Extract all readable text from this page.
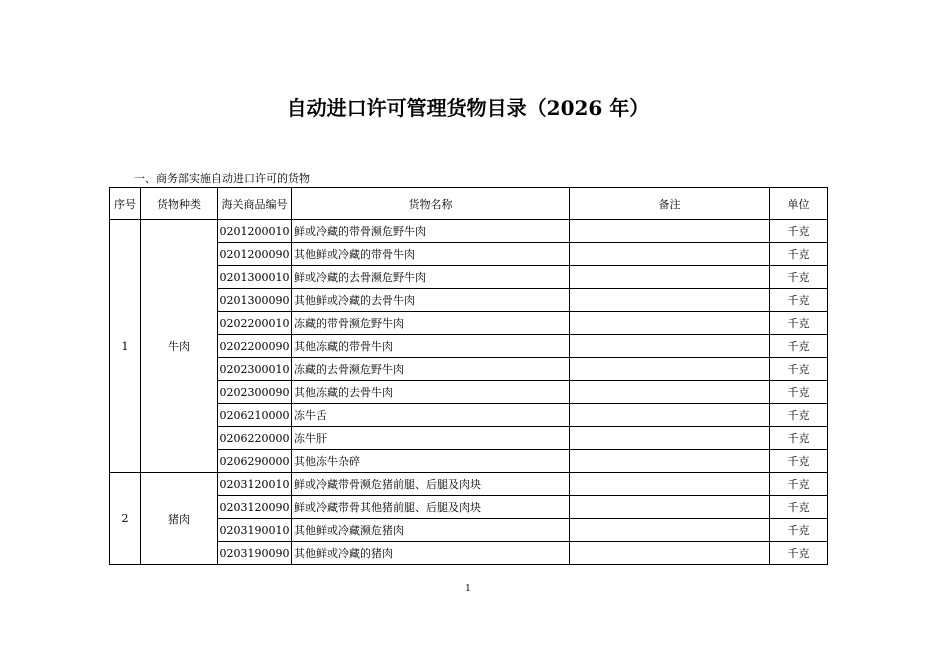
自动进口许可管理货物目录（2026 年）
一、商务部实施自动进口许可的货物
序号	货物种类	海关商品编号	货物名称	备注	单位
1	牛肉	0201200010	鲜或冷藏的带骨濒危野牛肉		千克
		0201200090	其他鲜或冷藏的带骨牛肉		千克
		0201300010	鲜或冷藏的去骨濒危野牛肉		千克
		0201300090	其他鲜或冷藏的去骨牛肉		千克
		0202200010	冻藏的带骨濒危野牛肉		千克
		0202200090	其他冻藏的带骨牛肉		千克
		0202300010	冻藏的去骨濒危野牛肉		千克
		0202300090	其他冻藏的去骨牛肉		千克
		0206210000	冻牛舌		千克
		0206220000	冻牛肝		千克
		0206290000	其他冻牛杂碎		千克
2	猪肉	0203120010	鲜或冷藏带骨濒危猪前腿、后腿及肉块		千克
		0203120090	鲜或冷藏带骨其他猪前腿、后腿及肉块		千克
		0203190010	其他鲜或冷藏濒危猪肉		千克
		0203190090	其他鲜或冷藏的猪肉		千克
1
